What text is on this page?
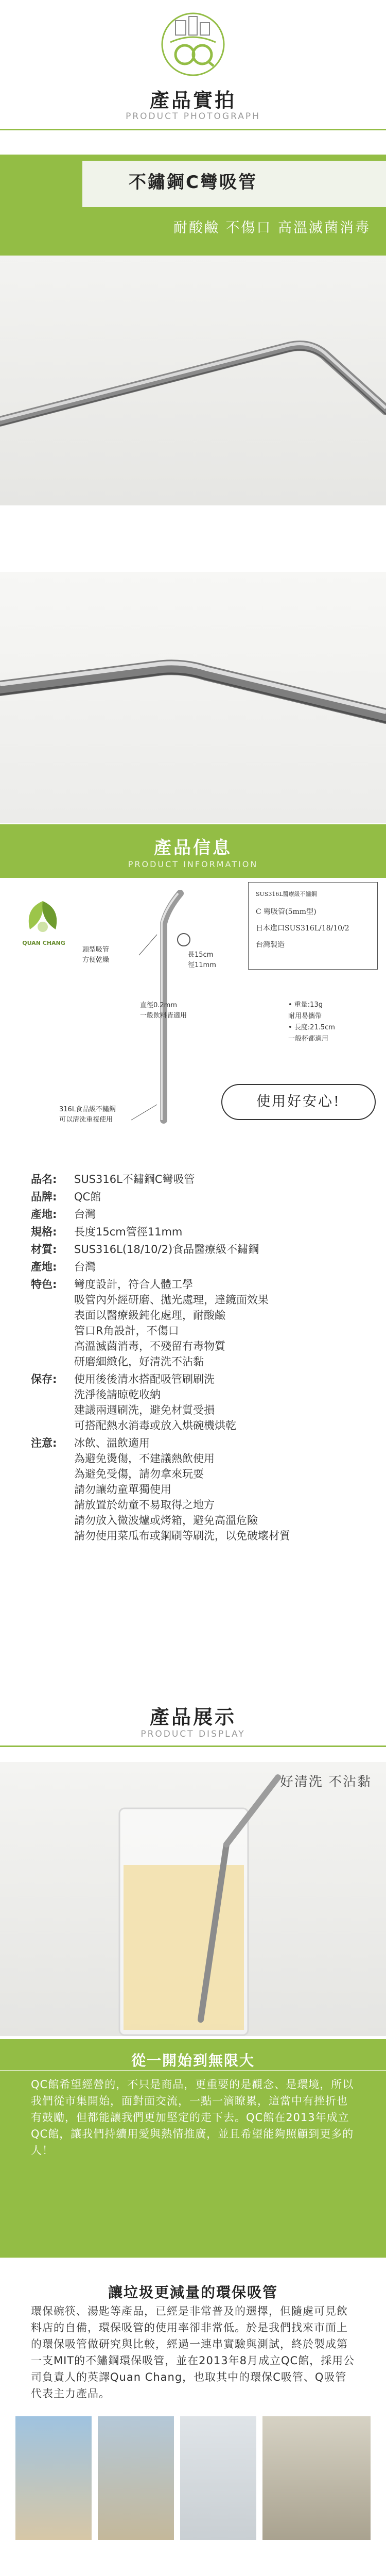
產品實拍
PRODUCT PHOTOGRAPH
不鏽鋼C彎吸管
耐酸鹼 不傷口 高溫滅菌消毒
產品信息
PRODUCT INFORMATION
QUAN CHANG
頭型吸管
方便乾燥
直徑0.2mm
一般飲料皆適用
長15cm
徑11mm
316L食品級不鏽鋼
可以清洗重複使用
SUS316L醫療級不鏽鋼
C 彎吸管(5mm型)
日本進口SUS316L/18/10/2
台灣製造
• 重量:13g
耐用易攜帶
• 長度:21.5cm
一般杯都適用
使用好安心!
品名:	SUS316L不鏽鋼C彎吸管
品牌:	QC館
產地:	台灣
規格:	長度15cm管徑11mm
材質:	SUS316L(18/10/2)食品醫療級不鏽鋼
產地:	台灣
特色:	彎度設計，符合人體工學
吸管內外經研磨、拋光處理，達鏡面效果
表面以醫療級鈍化處理，耐酸鹼
管口R角設計，不傷口
高溫滅菌消毒，不殘留有毒物質
研磨細緻化，好清洗不沾黏
保存:	使用後後清水搭配吸管刷刷洗
洗淨後請晾乾收納
建議兩週刷洗，避免材質受損
可搭配熱水消毒或放入烘碗機烘乾
注意:	冰飲、溫飲適用
為避免燙傷，不建議熱飲使用
為避免受傷，請勿拿來玩耍
請勿讓幼童單獨使用
請放置於幼童不易取得之地方
請勿放入微波爐或烤箱，避免高溫危險
請勿使用菜瓜布或鋼刷等刷洗，以免破壞材質
產品展示
PRODUCT DISPLAY
好清洗 不沾黏
從一開始到無限大
QC館希望經營的，不只是商品，更重要的是觀念、是環境，所以我們從市集開始，面對面交流，一點一滴瞭累，這當中有挫折也有鼓勵，但都能讓我們更加堅定的走下去。QC館在2013年成立QC館，讓我們持續用愛與熱情推廣，並且希望能夠照顧到更多的人！
讓垃圾更減量的環保吸管
環保碗筷、湯匙等產品，已經是非常普及的選擇，但隨處可見飲料店的自備，環保吸管的使用率卻非常低。於是我們找來市面上的環保吸管做研究與比較，經過一連串實驗與測試，終於製成第一支MIT的不鏽鋼環保吸管，並在2013年8月成立QC館，採用公司負責人的英譯Quan Chang，也取其中的環保C吸管、Q吸管代表主力產品。
